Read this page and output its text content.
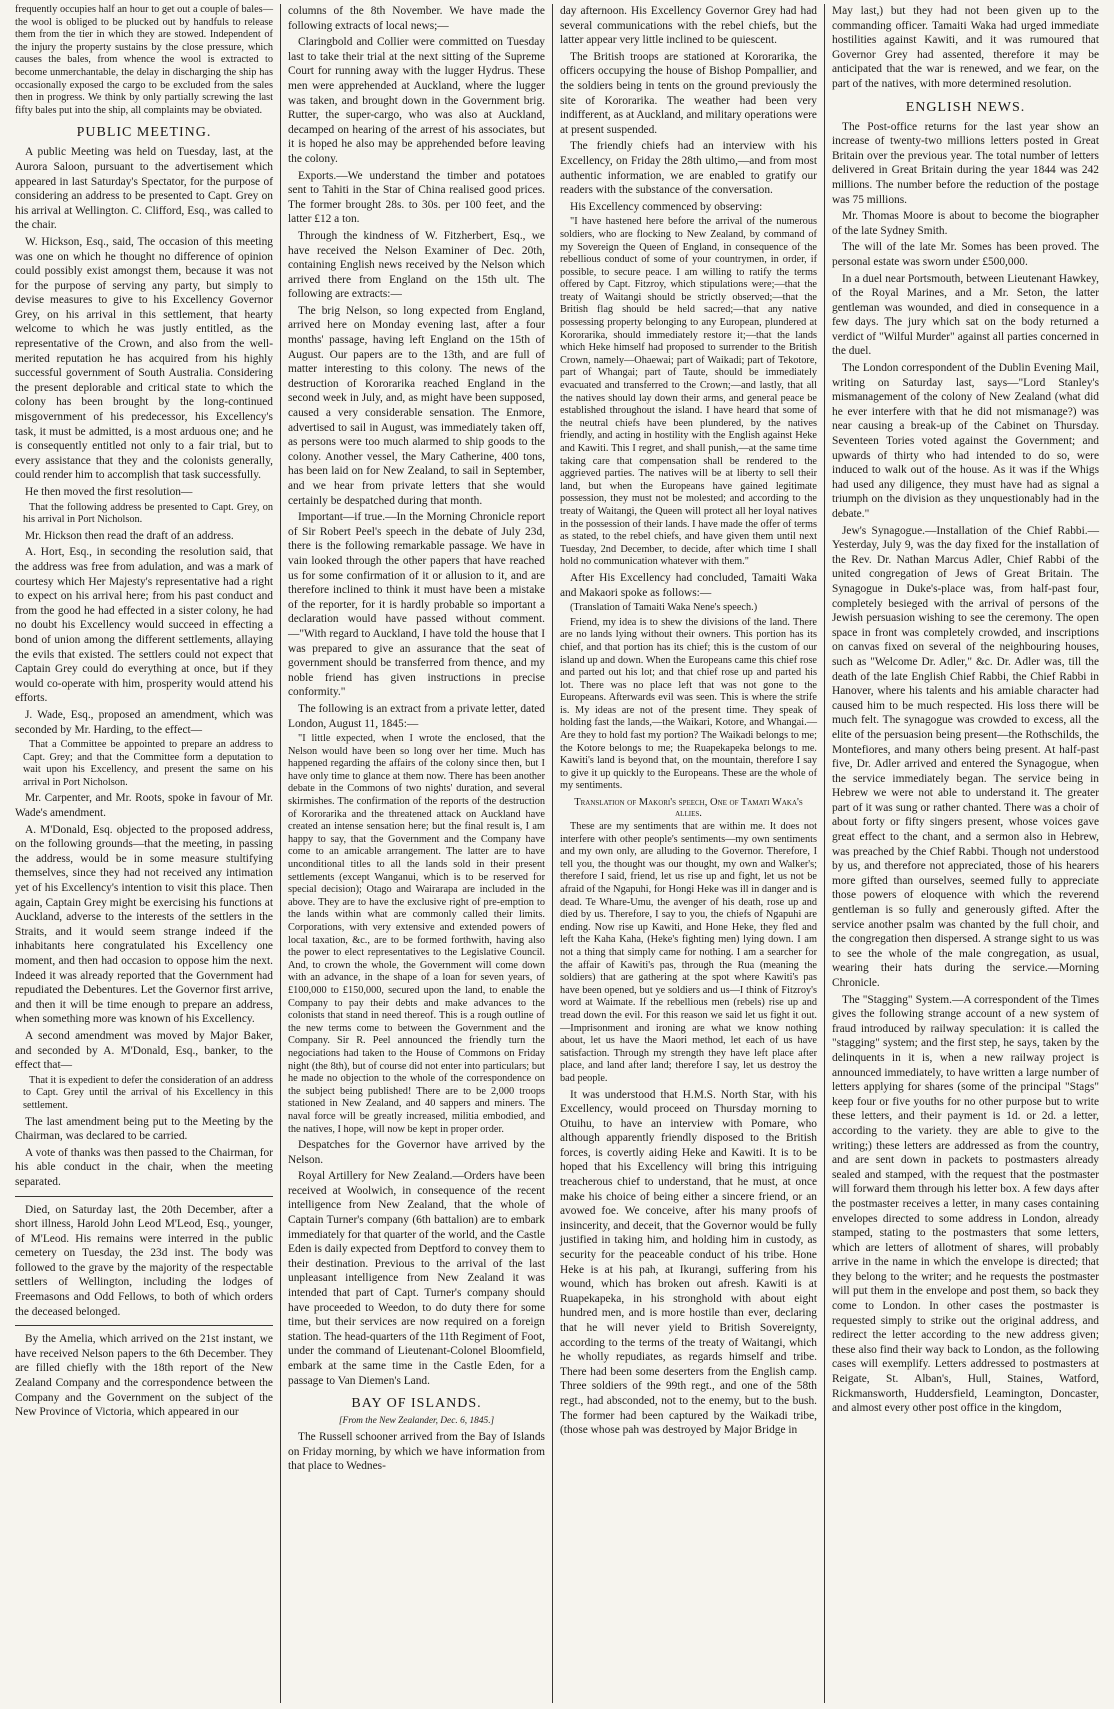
frequently occupies half an hour to get out a couple of bales—the wool is obliged to be plucked out by handfuls to release them from the tier in which they are stowed. Independent of the injury the property sustains by the close pressure, which causes the bales, from whence the wool is extracted to become unmerchantable, the delay in discharging the ship has occasionally exposed the cargo to be excluded from the sales then in progress. We think by only partially screwing the last fifty bales put into the ship, all complaints may be obviated.

PUBLIC MEETING.

A public Meeting was held on Tuesday, last, at the Aurora Saloon, pursuant to the advertisement which appeared in last Saturday's Spectator, for the purpose of considering an address to be presented to Capt. Grey on his arrival at Wellington. C. Clifford, Esq., was called to the chair.

W. Hickson, Esq., said, The occasion of this meeting was one on which he thought no difference of opinion could possibly exist amongst them, because it was not for the purpose of serving any party, but simply to devise measures to give to his Excellency Governor Grey, on his arrival in this settlement, that hearty welcome to which he was justly entitled, as the representative of the Crown, and also from the well-merited reputation he has acquired from his highly successful government of South Australia. Considering the present deplorable and critical state to which the colony has been brought by the long-continued misgovernment of his predecessor, his Excellency's task, it must be admitted, is a most arduous one; and he is consequently entitled not only to a fair trial, but to every assistance that they and the colonists generally, could render him to accomplish that task successfully.

He then moved the first resolution—

That the following address be presented to Capt. Grey, on his arrival in Port Nicholson.

Mr. Hickson then read the draft of an address.

A. Hort, Esq., in seconding the resolution said, that the address was free from adulation, and was a mark of courtesy which Her Majesty's representative had a right to expect on his arrival here; from his past conduct and from the good he had effected in a sister colony, he had no doubt his Excellency would succeed in effecting a bond of union among the different settlements, allaying the evils that existed. The settlers could not expect that Captain Grey could do everything at once, but if they would co-operate with him, prosperity would attend his efforts.

J. Wade, Esq., proposed an amendment, which was seconded by Mr. Harding, to the effect—

That a Committee be appointed to prepare an address to Capt. Grey; and that the Committee form a deputation to wait upon his Excellency, and present the same on his arrival in Port Nicholson.

Mr. Carpenter, and Mr. Roots, spoke in favour of Mr. Wade's amendment.

A. M'Donald, Esq. objected to the proposed address, on the following grounds—that the meeting, in passing the address, would be in some measure stultifying themselves, since they had not received any intimation yet of his Excellency's intention to visit this place. Then again, Captain Grey might be exercising his functions at Auckland, adverse to the interests of the settlers in the Straits, and it would seem strange indeed if the inhabitants here congratulated his Excellency one moment, and then had occasion to oppose him the next. Indeed it was already reported that the Government had repudiated the Debentures. Let the Governor first arrive, and then it will be time enough to prepare an address, when something more was known of his Excellency.

A second amendment was moved by Major Baker, and seconded by A. M'Donald, Esq., banker, to the effect that—

That it is expedient to defer the consideration of an address to Capt. Grey until the arrival of his Excellency in this settlement.

The last amendment being put to the Meeting by the Chairman, was declared to be carried.

A vote of thanks was then passed to the Chairman, for his able conduct in the chair, when the meeting separated.

Died, on Saturday last, the 20th December, after a short illness, Harold John Leod M'Leod, Esq., younger, of M'Leod. His remains were interred in the public cemetery on Tuesday, the 23d inst. The body was followed to the grave by the majority of the respectable settlers of Wellington, including the lodges of Freemasons and Odd Fellows, to both of which orders the deceased belonged.

By the Amelia, which arrived on the 21st instant, we have received Nelson papers to the 6th December. They are filled chiefly with the 18th report of the New Zealand Company and the correspondence between the Company and the Government on the subject of the New Province of Victoria, which appeared in our

columns of the 8th November. We have made the following extracts of local news;—

Claringbold and Collier were committed on Tuesday last to take their trial at the next sitting of the Supreme Court for running away with the lugger Hydrus. These men were apprehended at Auckland, where the lugger was taken, and brought down in the Government brig. Rutter, the super-cargo, who was also at Auckland, decamped on hearing of the arrest of his associates, but it is hoped he also may be apprehended before leaving the colony.

Exports.—We understand the timber and potatoes sent to Tahiti in the Star of China realised good prices. The former brought 28s. to 30s. per 100 feet, and the latter £12 a ton.

Through the kindness of W. Fitzherbert, Esq., we have received the Nelson Examiner of Dec. 20th, containing English news received by the Nelson which arrived there from England on the 15th ult. The following are extracts:—

The brig Nelson, so long expected from England, arrived here on Monday evening last, after a four months' passage, having left England on the 15th of August. Our papers are to the 13th, and are full of matter interesting to this colony. The news of the destruction of Kororarika reached England in the second week in July, and, as might have been supposed, caused a very considerable sensation. The Enmore, advertised to sail in August, was immediately taken off, as persons were too much alarmed to ship goods to the colony. Another vessel, the Mary Catherine, 400 tons, has been laid on for New Zealand, to sail in September, and we hear from private letters that she would certainly be despatched during that month.

Important—if true.—In the Morning Chronicle report of Sir Robert Peel's speech in the debate of July 23d, there is the following remarkable passage. We have in vain looked through the other papers that have reached us for some confirmation of it or allusion to it, and are therefore inclined to think it must have been a mistake of the reporter, for it is hardly probable so important a declaration would have passed without comment.—"With regard to Auckland, I have told the house that I was prepared to give an assurance that the seat of government should be transferred from thence, and my noble friend has given instructions in precise conformity."

The following is an extract from a private letter, dated London, August 11, 1845:—

"I little expected, when I wrote the enclosed, that the Nelson would have been so long over her time. Much has happened regarding the affairs of the colony since then, but I have only time to glance at them now. There has been another debate in the Commons of two nights' duration, and several skirmishes. The confirmation of the reports of the destruction of Kororarika and the threatened attack on Auckland have created an intense sensation here; but the final result is, I am happy to say, that the Government and the Company have come to an amicable arrangement. The latter are to have unconditional titles to all the lands sold in their present settlements (except Wanganui, which is to be reserved for special decision); Otago and Wairarapa are included in the above. They are to have the exclusive right of pre-emption to the lands within what are commonly called their limits. Corporations, with very extensive and extended powers of local taxation, &c., are to be formed forthwith, having also the power to elect representatives to the Legislative Council. And, to crown the whole, the Government will come down with an advance, in the shape of a loan for seven years, of £100,000 to £150,000, secured upon the land, to enable the Company to pay their debts and make advances to the colonists that stand in need thereof. This is a rough outline of the new terms come to between the Government and the Company. Sir R. Peel announced the friendly turn the negociations had taken to the House of Commons on Friday night (the 8th), but of course did not enter into particulars; but he made no objection to the whole of the correspondence on the subject being published! There are to be 2,000 troops stationed in New Zealand, and 40 sappers and miners. The naval force will be greatly increased, militia embodied, and the natives, I hope, will now be kept in proper order.

Despatches for the Governor have arrived by the Nelson.

Royal Artillery for New Zealand.—Orders have been received at Woolwich, in consequence of the recent intelligence from New Zealand, that the whole of Captain Turner's company (6th battalion) are to embark immediately for that quarter of the world, and the Castle Eden is daily expected from Deptford to convey them to their destination. Previous to the arrival of the last unpleasant intelligence from New Zealand it was intended that part of Capt. Turner's company should have proceeded to Weedon, to do duty there for some time, but their services are now required on a foreign station. The head-quarters of the 11th Regiment of Foot, under the command of Lieutenant-Colonel Bloomfield, embark at the same time in the Castle Eden, for a passage to Van Diemen's Land.

BAY OF ISLANDS.
[From the New Zealander, Dec. 6, 1845.]

The Russell schooner arrived from the Bay of Islands on Friday morning, by which we have information from that place to Wednes-

day afternoon. His Excellency Governor Grey had had several communications with the rebel chiefs, but the latter appear very little inclined to be quiescent.

The British troops are stationed at Kororarika, the officers occupying the house of Bishop Pompallier, and the soldiers being in tents on the ground previously the site of Kororarika. The weather had been very indifferent, as at Auckland, and military operations were at present suspended.

The friendly chiefs had an interview with his Excellency, on Friday the 28th ultimo,—and from most authentic information, we are enabled to gratify our readers with the substance of the conversation.

His Excellency commenced by observing:

"I have hastened here before the arrival of the numerous soldiers, who are flocking to New Zealand, by command of my Sovereign the Queen of England, in consequence of the rebellious conduct of some of your countrymen, in order, if possible, to secure peace. I am willing to ratify the terms offered by Capt. Fitzroy, which stipulations were;—that the treaty of Waitangi should be strictly observed;—that the British flag should be held sacred;—that any native possessing property belonging to any European, plundered at Kororarika, should immediately restore it;—that the lands which Heke himself had proposed to surrender to the British Crown, namely—Ohaewai; part of Waikadi; part of Tekotore, part of Whangai; part of Taute, should be immediately evacuated and transferred to the Crown;—and lastly, that all the natives should lay down their arms, and general peace be established throughout the island. I have heard that some of the neutral chiefs have been plundered, by the natives friendly, and acting in hostility with the English against Heke and Kawiti. This I regret, and shall punish,—at the same time taking care that compensation shall be rendered to the aggrieved parties. The natives will be at liberty to sell their land, but when the Europeans have gained legitimate possession, they must not be molested; and according to the treaty of Waitangi, the Queen will protect all her loyal natives in the possession of their lands. I have made the offer of terms as stated, to the rebel chiefs, and have given them until next Tuesday, 2nd December, to decide, after which time I shall hold no communication whatever with them."

After His Excellency had concluded, Tamaiti Waka and Makaori spoke as follows:—

(Translation of Tamaiti Waka Nene's speech.)

Friend, my idea is to shew the divisions of the land. There are no lands lying without their owners. This portion has its chief, and that portion has its chief; this is the custom of our island up and down. When the Europeans came this chief rose and parted out his lot; and that chief rose up and parted his lot. There was no place left that was not gone to the Europeans. Afterwards evil was seen. This is where the strife is. My ideas are not of the present time. They speak of holding fast the lands,—the Waikari, Kotore, and Whangai.—Are they to hold fast my portion? The Waikadi belongs to me; the Kotore belongs to me; the Ruapekapeka belongs to me. Kawiti's land is beyond that, on the mountain, therefore I say to give it up quickly to the Europeans. These are the whole of my sentiments.

Translation of Makori's speech, One of Tamati Waka's allies.

These are my sentiments that are within me. It does not interfere with other people's sentiments—my own sentiments and my own only, are alluding to the Governor. Therefore, I tell you, the thought was our thought, my own and Walker's; therefore I said, friend, let us rise up and fight, let us not be afraid of the Ngapuhi, for Hongi Heke was ill in danger and is dead. Te Whare-Umu, the avenger of his death, rose up and died by us. Therefore, I say to you, the chiefs of Ngapuhi are ending. Now rise up Kawiti, and Hone Heke, they fled and left the Kaha Kaha, (Heke's fighting men) lying down. I am not a thing that simply came for nothing. I am a searcher for the affair of Kawiti's pas, through the Rua (meaning the soldiers) that are gathering at the spot where Kawiti's pas have been opened, but ye soldiers and us—I think of Fitzroy's word at Waimate. If the rebellious men (rebels) rise up and tread down the evil. For this reason we said let us fight it out.—Imprisonment and ironing are what we know nothing about, let us have the Maori method, let each of us have satisfaction. Through my strength they have left place after place, and land after land; therefore I say, let us destroy the bad people.

It was understood that H.M.S. North Star, with his Excellency, would proceed on Thursday morning to Otuihu, to have an interview with Pomare, who although apparently friendly disposed to the British forces, is covertly aiding Heke and Kawiti. It is to be hoped that his Excellency will bring this intriguing treacherous chief to understand, that he must, at once make his choice of being either a sincere friend, or an avowed foe. We conceive, after his many proofs of insincerity, and deceit, that the Governor would be fully justified in taking him, and holding him in custody, as security for the peaceable conduct of his tribe. Hone Heke is at his pah, at Ikurangi, suffering from his wound, which has broken out afresh. Kawiti is at Ruapekapeka, in his stronghold with about eight hundred men, and is more hostile than ever, declaring that he will never yield to British Sovereignty, according to the terms of the treaty of Waitangi, which he wholly repudiates, as regards himself and tribe. There had been some deserters from the English camp. Three soldiers of the 99th regt., and one of the 58th regt., had absconded, not to the enemy, but to the bush. The former had been captured by the Waikadi tribe, (those whose pah was destroyed by Major Bridge in

May last,) but they had not been given up to the commanding officer. Tamaiti Waka had urged immediate hostilities against Kawiti, and it was rumoured that Governor Grey had assented, therefore it may be anticipated that the war is renewed, and we fear, on the part of the natives, with more determined resolution.

ENGLISH NEWS.

The Post-office returns for the last year show an increase of twenty-two millions letters posted in Great Britain over the previous year. The total number of letters delivered in Great Britain during the year 1844 was 242 millions. The number before the reduction of the postage was 75 millions.

Mr. Thomas Moore is about to become the biographer of the late Sydney Smith.

The will of the late Mr. Somes has been proved. The personal estate was sworn under £500,000.

In a duel near Portsmouth, between Lieutenant Hawkey, of the Royal Marines, and a Mr. Seton, the latter gentleman was wounded, and died in consequence in a few days. The jury which sat on the body returned a verdict of "Wilful Murder" against all parties concerned in the duel.

The London correspondent of the Dublin Evening Mail, writing on Saturday last, says—"Lord Stanley's mismanagement of the colony of New Zealand (what did he ever interfere with that he did not mismanage?) was near causing a break-up of the Cabinet on Thursday. Seventeen Tories voted against the Government; and upwards of thirty who had intended to do so, were induced to walk out of the house. As it was if the Whigs had used any diligence, they must have had as signal a triumph on the division as they unquestionably had in the debate."

Jew's Synagogue.—Installation of the Chief Rabbi.—Yesterday, July 9, was the day fixed for the installation of the Rev. Dr. Nathan Marcus Adler, Chief Rabbi of the united congregation of Jews of Great Britain. The Synagogue in Duke's-place was, from half-past four, completely besieged with the arrival of persons of the Jewish persuasion wishing to see the ceremony. The open space in front was completely crowded, and inscriptions on canvas fixed on several of the neighbouring houses, such as "Welcome Dr. Adler," &c. Dr. Adler was, till the death of the late English Chief Rabbi, the Chief Rabbi in Hanover, where his talents and his amiable character had caused him to be much respected. His loss there will be much felt. The synagogue was crowded to excess, all the elite of the persuasion being present—the Rothschilds, the Montefiores, and many others being present. At half-past five, Dr. Adler arrived and entered the Synagogue, when the service immediately began. The service being in Hebrew we were not able to understand it. The greater part of it was sung or rather chanted. There was a choir of about forty or fifty singers present, whose voices gave great effect to the chant, and a sermon also in Hebrew, was preached by the Chief Rabbi. Though not understood by us, and therefore not appreciated, those of his hearers more gifted than ourselves, seemed fully to appreciate those powers of eloquence with which the reverend gentleman is so fully and generously gifted. After the service another psalm was chanted by the full choir, and the congregation then dispersed. A strange sight to us was to see the whole of the male congregation, as usual, wearing their hats during the service.—Morning Chronicle.

The "Stagging" System.—A correspondent of the Times gives the following strange account of a new system of fraud introduced by railway speculation: it is called the "stagging" system; and the first step, he says, taken by the delinquents in it is, when a new railway project is announced immediately, to have written a large number of letters applying for shares (some of the principal "Stags" keep four or five youths for no other purpose but to write these letters, and their payment is 1d. or 2d. a letter, according to the variety. they are able to give to the writing;) these letters are addressed as from the country, and are sent down in packets to postmasters already sealed and stamped, with the request that the postmaster will forward them through his letter box. A few days after the postmaster receives a letter, in many cases containing envelopes directed to some address in London, already stamped, stating to the postmasters that some letters, which are letters of allotment of shares, will probably arrive in the name in which the envelope is directed; that they belong to the writer; and he requests the postmaster will put them in the envelope and post them, so back they come to London. In other cases the postmaster is requested simply to strike out the original address, and redirect the letter according to the new address given; these also find their way back to London, as the following cases will exemplify. Letters addressed to postmasters at Reigate, St. Alban's, Hull, Staines, Watford, Rickmansworth, Huddersfield, Leamington, Doncaster, and almost every other post office in the kingdom,
